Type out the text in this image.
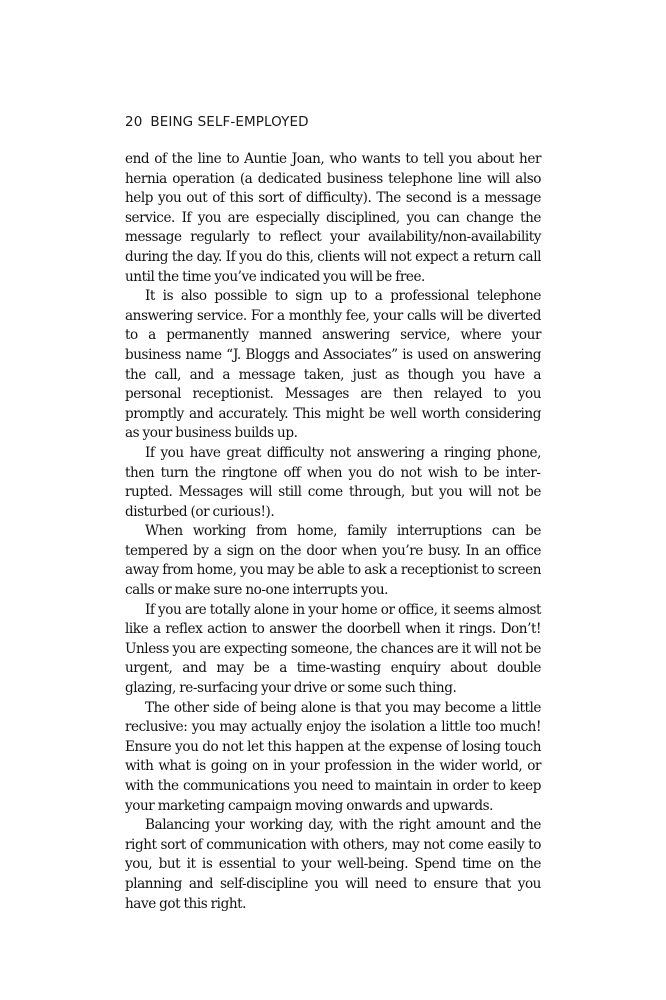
20 BEING SELF-EMPLOYED

end of the line to Auntie Joan, who wants to tell you about her hernia operation (a dedicated business telephone line will also help you out of this sort of difficulty). The second is a message service. If you are especially disciplined, you can change the message regularly to reflect your availability/non-availability during the day. If you do this, clients will not expect a return call until the time you’ve indicated you will be free.

It is also possible to sign up to a professional telephone answering service. For a monthly fee, your calls will be diverted to a permanently manned answering service, where your business name “J. Bloggs and Associates” is used on answering the call, and a message taken, just as though you have a personal receptionist. Messages are then relayed to you promptly and accurately. This might be well worth considering as your business builds up.

If you have great difficulty not answering a ringing phone, then turn the ringtone off when you do not wish to be interrupted. Messages will still come through, but you will not be disturbed (or curious!).

When working from home, family interruptions can be tempered by a sign on the door when you’re busy. In an office away from home, you may be able to ask a receptionist to screen calls or make sure no-one interrupts you.

If you are totally alone in your home or office, it seems almost like a reflex action to answer the doorbell when it rings. Don’t! Unless you are expecting someone, the chances are it will not be urgent, and may be a time-wasting enquiry about double glazing, re-surfacing your drive or some such thing.

The other side of being alone is that you may become a little reclusive: you may actually enjoy the isolation a little too much! Ensure you do not let this happen at the expense of losing touch with what is going on in your profession in the wider world, or with the communications you need to maintain in order to keep your marketing campaign moving onwards and upwards.

Balancing your working day, with the right amount and the right sort of communication with others, may not come easily to you, but it is essential to your well-being. Spend time on the planning and self-discipline you will need to ensure that you have got this right.
